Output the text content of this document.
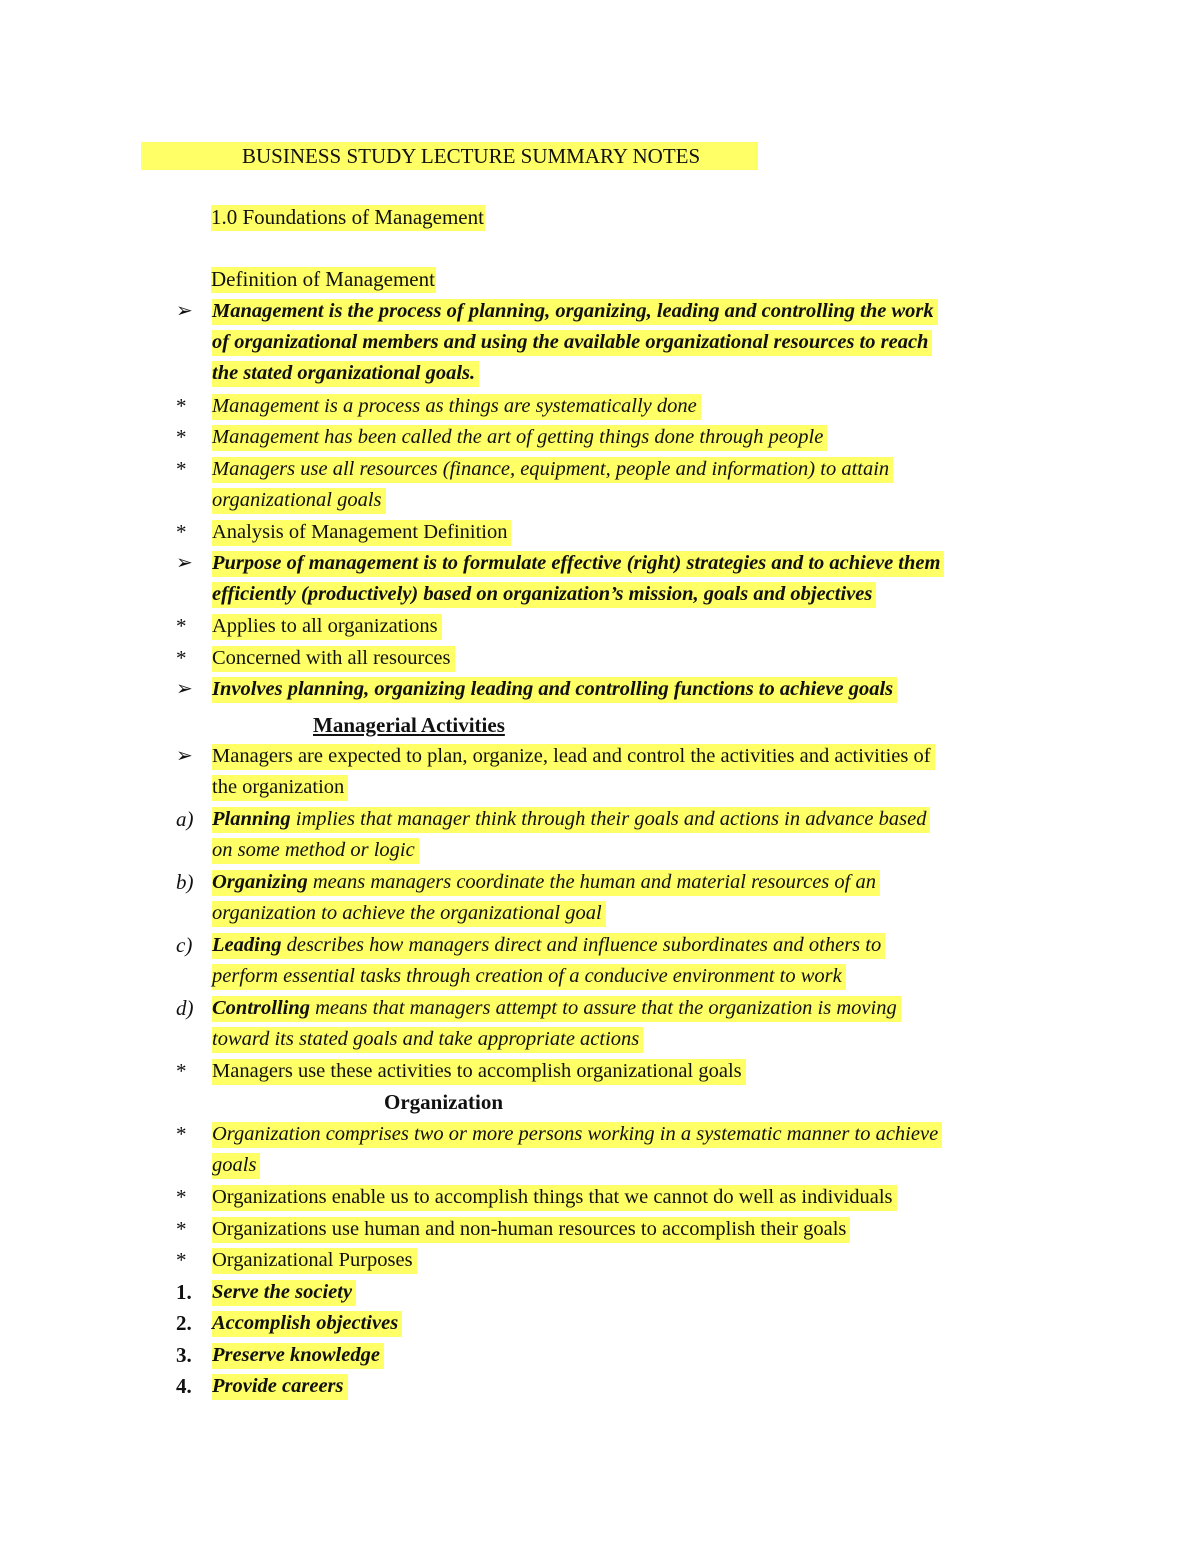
BUSINESS STUDY LECTURE SUMMARY NOTES
1.0 Foundations of Management
Definition of Management
➢ Management is the process of planning, organizing, leading and controlling the work
of organizational members and using the available organizational resources to reach
the stated organizational goals.
*	Management is a process as things are systematically done
*	Management has been called the art of getting things done through people
*	Managers use all resources (finance, equipment, people and information) to attain
organizational goals
*	Analysis of Management Definition
➢ Purpose of management is to formulate effective (right) strategies and to achieve them
efficiently (productively) based on organization’s mission, goals and objectives
*	Applies to all organizations
*	Concerned with all resources
➢ Involves planning, organizing leading and controlling functions to achieve goals
Managerial Activities
➢ Managers are expected to plan, organize, lead and control the activities and activities of
the organization
a) Planning implies that manager think through their goals and actions in advance based
on some method or logic
b) Organizing means managers coordinate the human and material resources of an
organization to achieve the organizational goal
c) Leading describes how managers direct and influence subordinates and others to
perform essential tasks through creation of a conducive environment to work
d) Controlling means that managers attempt to assure that the organization is moving
toward its stated goals and take appropriate actions
*	Managers use these activities to accomplish organizational goals
Organization
*	Organization comprises two or more persons working in a systematic manner to achieve
goals
*	Organizations enable us to accomplish things that we cannot do well as individuals
*	Organizations use human and non-human resources to accomplish their goals
*	Organizational Purposes
1. Serve the society
2. Accomplish objectives
3. Preserve knowledge
4. Provide careers
